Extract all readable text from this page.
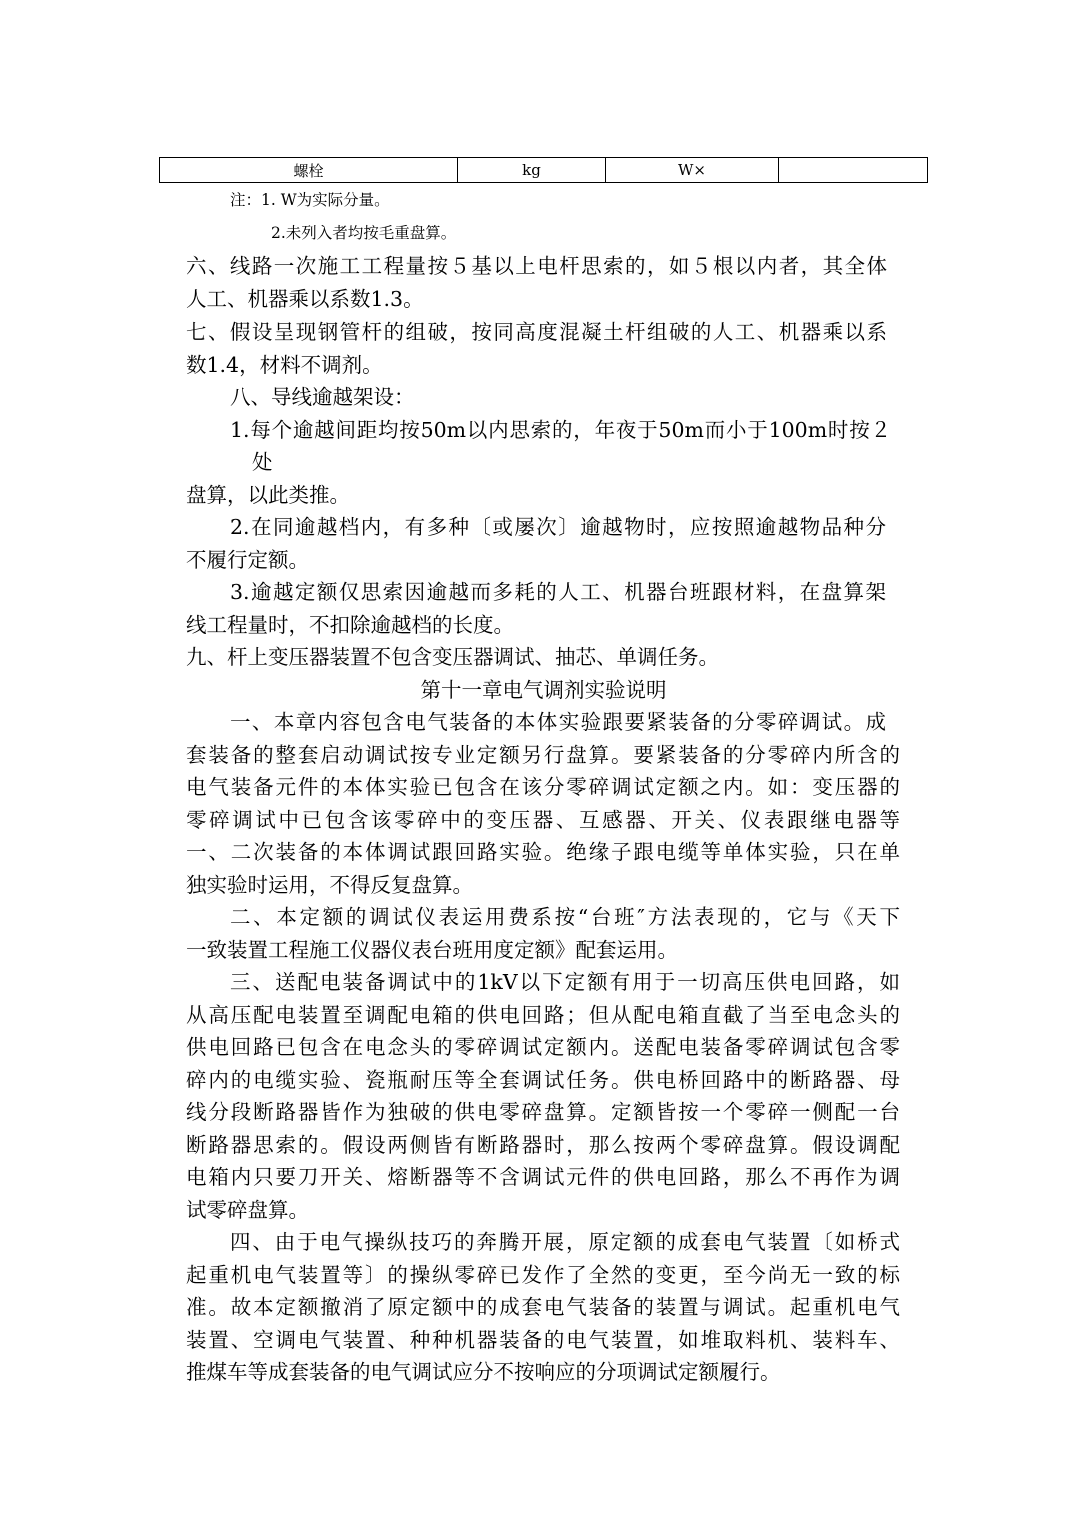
螺栓	kg	W×	
注：1. W为实际分量。
2.未列入者均按毛重盘算。
六、线路一次施工工程量按５基以上电杆思索的，如５根以内者，其全体
人工、机器乘以系数1.3。
七、假设呈现钢管杆的组破，按同高度混凝土杆组破的人工、机器乘以系
数1.4，材料不调剂。
八、导线逾越架设：
1.每个逾越间距均按50m以内思索的，年夜于50m而小于100m时按２
处
盘算，以此类推。
2.在同逾越档内，有多种〔或屡次〕逾越物时，应按照逾越物品种分
不履行定额。
3.逾越定额仅思索因逾越而多耗的人工、机器台班跟材料，在盘算架
线工程量时，不扣除逾越档的长度。
九、杆上变压器装置不包含变压器调试、抽芯、单调任务。
第十一章电气调剂实验说明
一、本章内容包含电气装备的本体实验跟要紧装备的分零碎调试。成
套装备的整套启动调试按专业定额另行盘算。要紧装备的分零碎内所含的
电气装备元件的本体实验已包含在该分零碎调试定额之内。如：变压器的
零碎调试中已包含该零碎中的变压器、互感器、开关、仪表跟继电器等
一、二次装备的本体调试跟回路实验。绝缘子跟电缆等单体实验，只在单
独实验时运用，不得反复盘算。
二、本定额的调试仪表运用费系按“台班″方法表现的，它与《天下
一致装置工程施工仪器仪表台班用度定额》配套运用。
三、送配电装备调试中的1kV以下定额有用于一切高压供电回路，如
从高压配电装置至调配电箱的供电回路；但从配电箱直截了当至电念头的
供电回路已包含在电念头的零碎调试定额内。送配电装备零碎调试包含零
碎内的电缆实验、瓷瓶耐压等全套调试任务。供电桥回路中的断路器、母
线分段断路器皆作为独破的供电零碎盘算。定额皆按一个零碎一侧配一台
断路器思索的。假设两侧皆有断路器时，那么按两个零碎盘算。假设调配
电箱内只要刀开关、熔断器等不含调试元件的供电回路，那么不再作为调
试零碎盘算。
四、由于电气操纵技巧的奔腾开展，原定额的成套电气装置〔如桥式
起重机电气装置等〕的操纵零碎已发作了全然的变更，至今尚无一致的标
准。故本定额撤消了原定额中的成套电气装备的装置与调试。起重机电气
装置、空调电气装置、种种机器装备的电气装置，如堆取料机、装料车、
推煤车等成套装备的电气调试应分不按响应的分项调试定额履行。
